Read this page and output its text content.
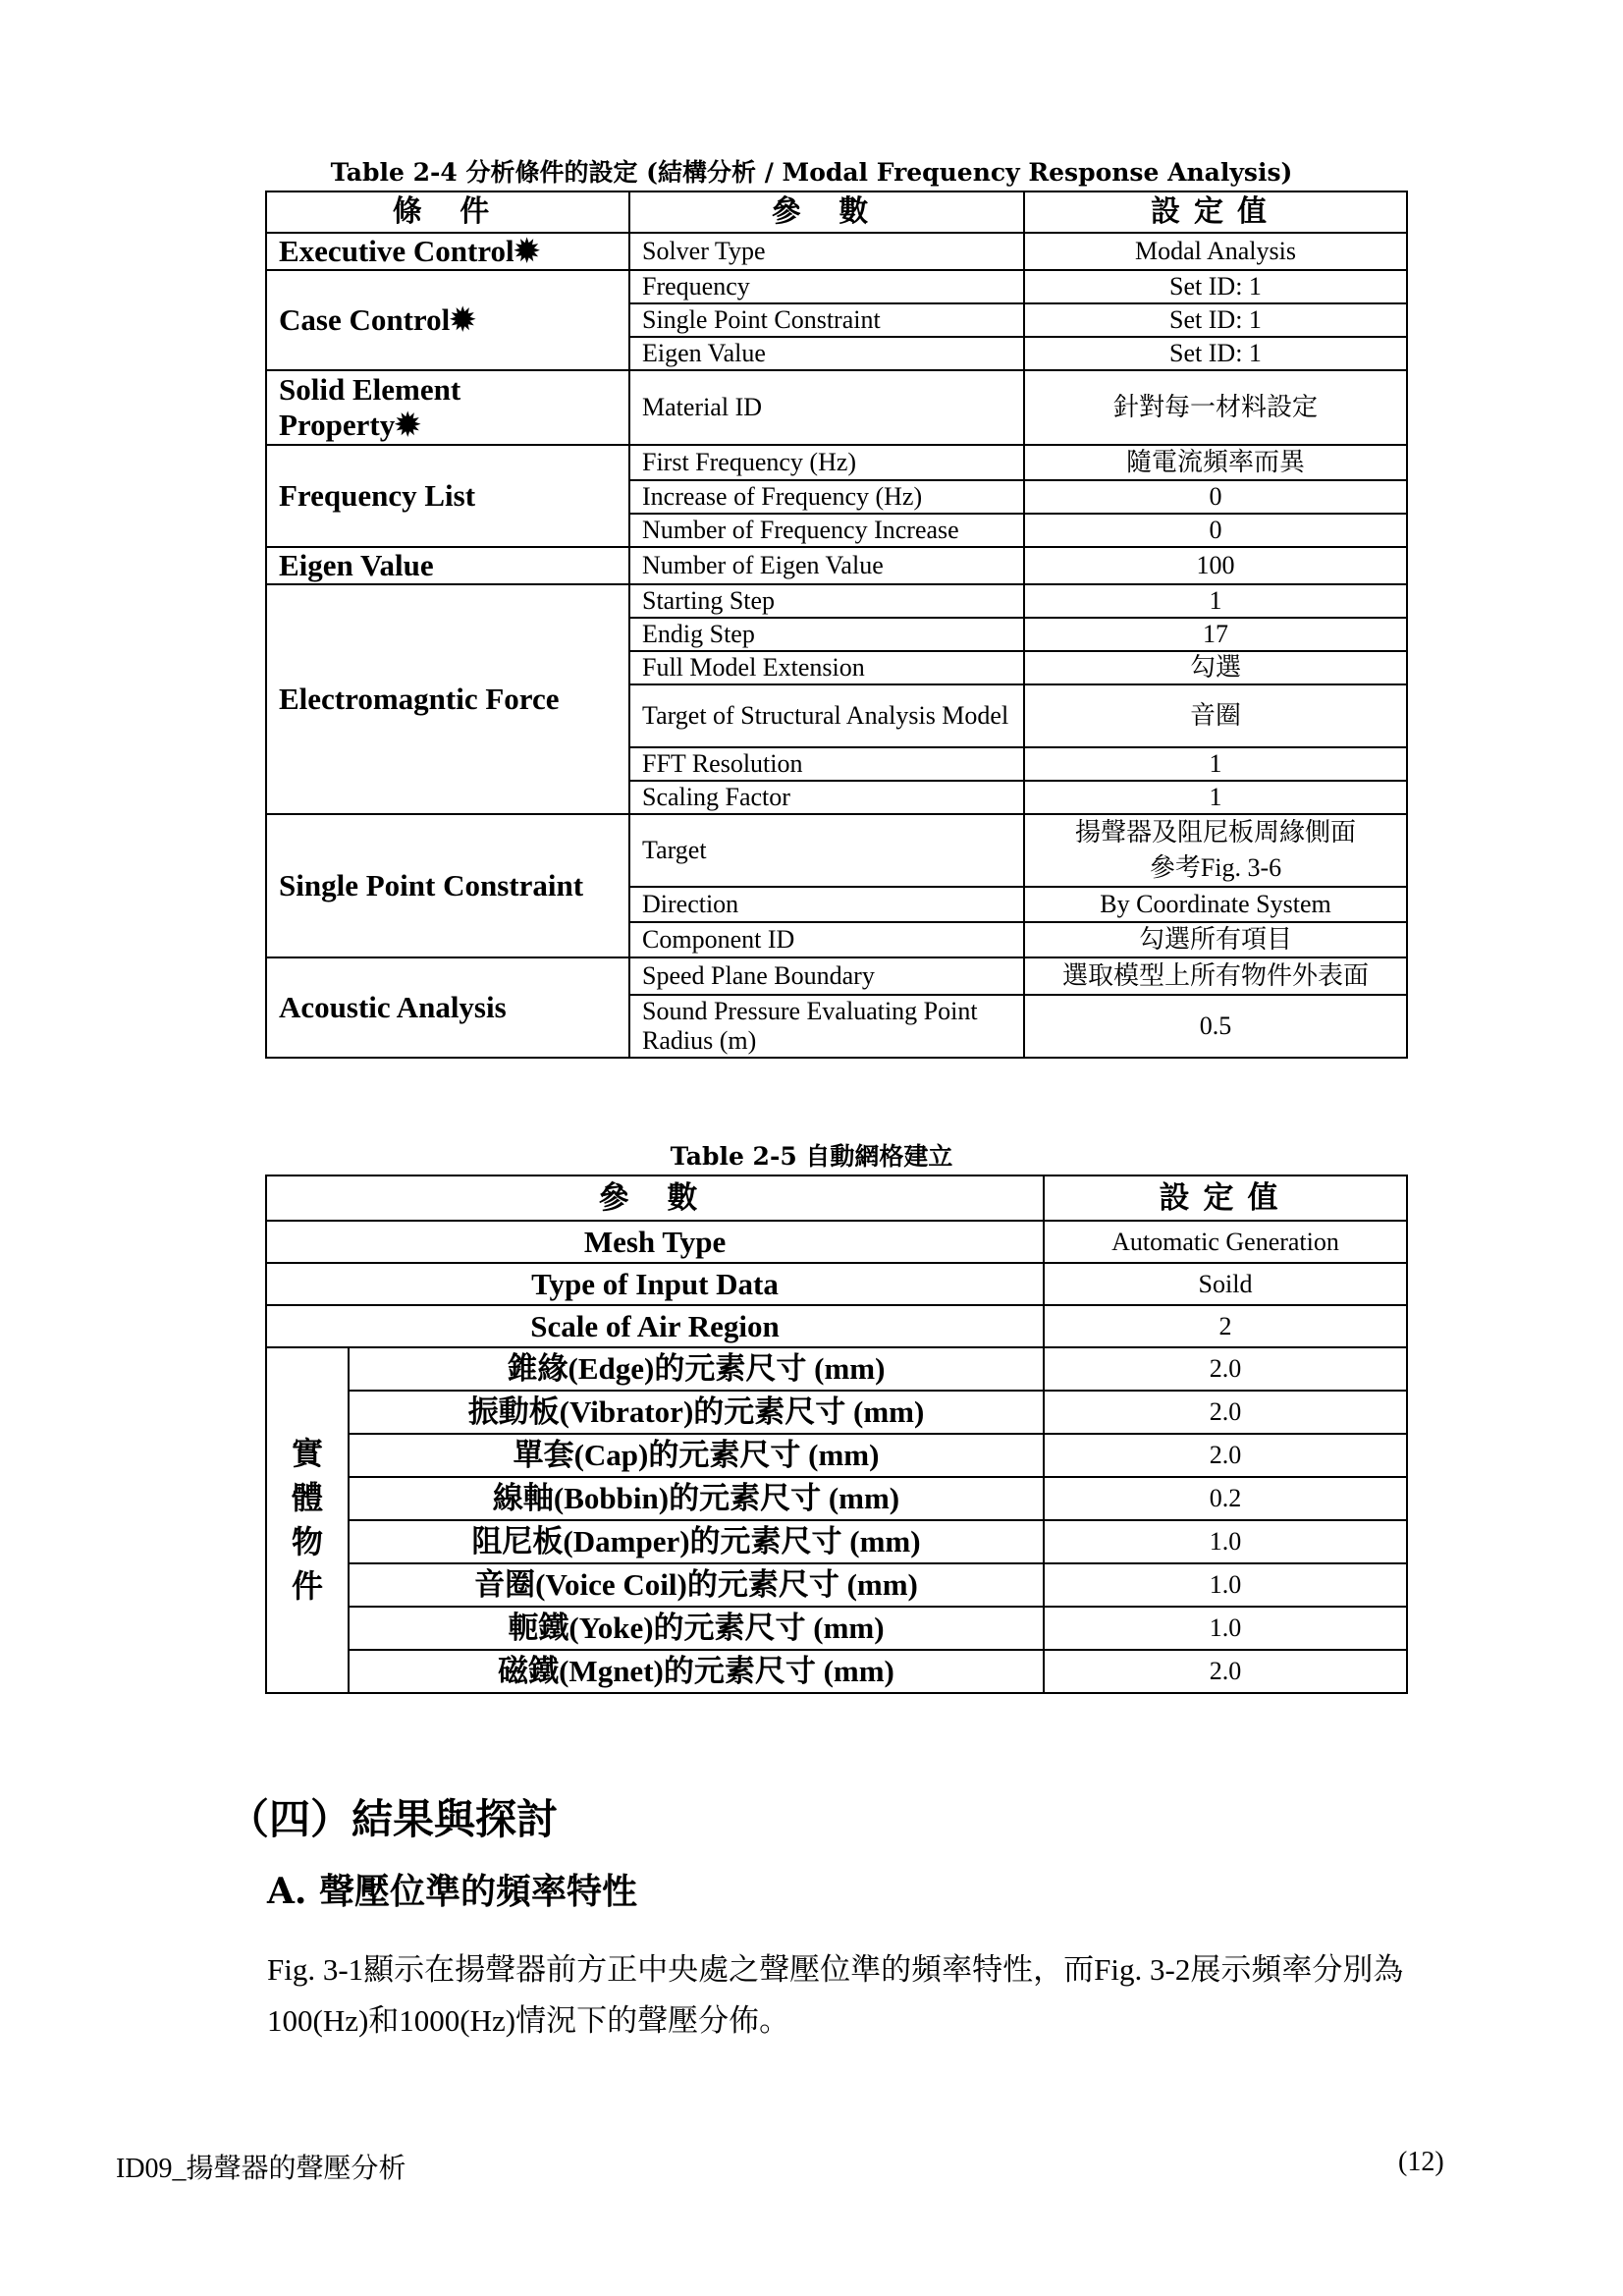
Table 2-4 分析條件的設定 (結構分析 / Modal Frequency Response Analysis)
條 件	參 數	設定值
Executive Control✹	Solver Type	Modal Analysis
Case Control✹	Frequency	Set ID: 1
	Single Point Constraint	Set ID: 1
	Eigen Value	Set ID: 1

Solid Element
Property✹	Material ID	針對每一材料設定
Frequency List	First Frequency (Hz)	隨電流頻率而異
	Increase of Frequency (Hz)	0
	Number of Frequency Increase	0
Eigen Value	Number of Eigen Value	100
Electromagntic Force	Starting Step	1
	Endig Step	17
	Full Model Extension	勾選
	Target of Structural Analysis Model	音圈
	FFT Resolution	1
	Scaling Factor	1
Single Point Constraint	Target	揚聲器及阻尼板周緣側面
參考Fig. 3-6

	Direction	By Coordinate System
	Component ID	勾選所有項目
Acoustic Analysis	Speed Plane Boundary	選取模型上所有物件外表面
	Sound Pressure Evaluating Point Radius (m)	0.5
Table 2-5 自動網格建立
參 數		設定值
Mesh Type		Automatic Generation
Type of Input Data		Soild
Scale of Air Region		2

實體物件	錐緣(Edge)的元素尺寸 (mm)	2.0
	振動板(Vibrator)的元素尺寸 (mm)	2.0
	單套(Cap)的元素尺寸 (mm)	2.0
	線軸(Bobbin)的元素尺寸 (mm)	0.2
	阻尼板(Damper)的元素尺寸 (mm)	1.0
	音圈(Voice Coil)的元素尺寸 (mm)	1.0
	軛鐵(Yoke)的元素尺寸 (mm)	1.0
	磁鐵(Mgnet)的元素尺寸 (mm)	2.0
（四）結果與探討
A. 聲壓位準的頻率特性
Fig. 3-1顯示在揚聲器前方正中央處之聲壓位準的頻率特性，而Fig. 3-2展示頻率分別為100(Hz)和1000(Hz)情況下的聲壓分佈。
ID09_揚聲器的聲壓分析	(12)
